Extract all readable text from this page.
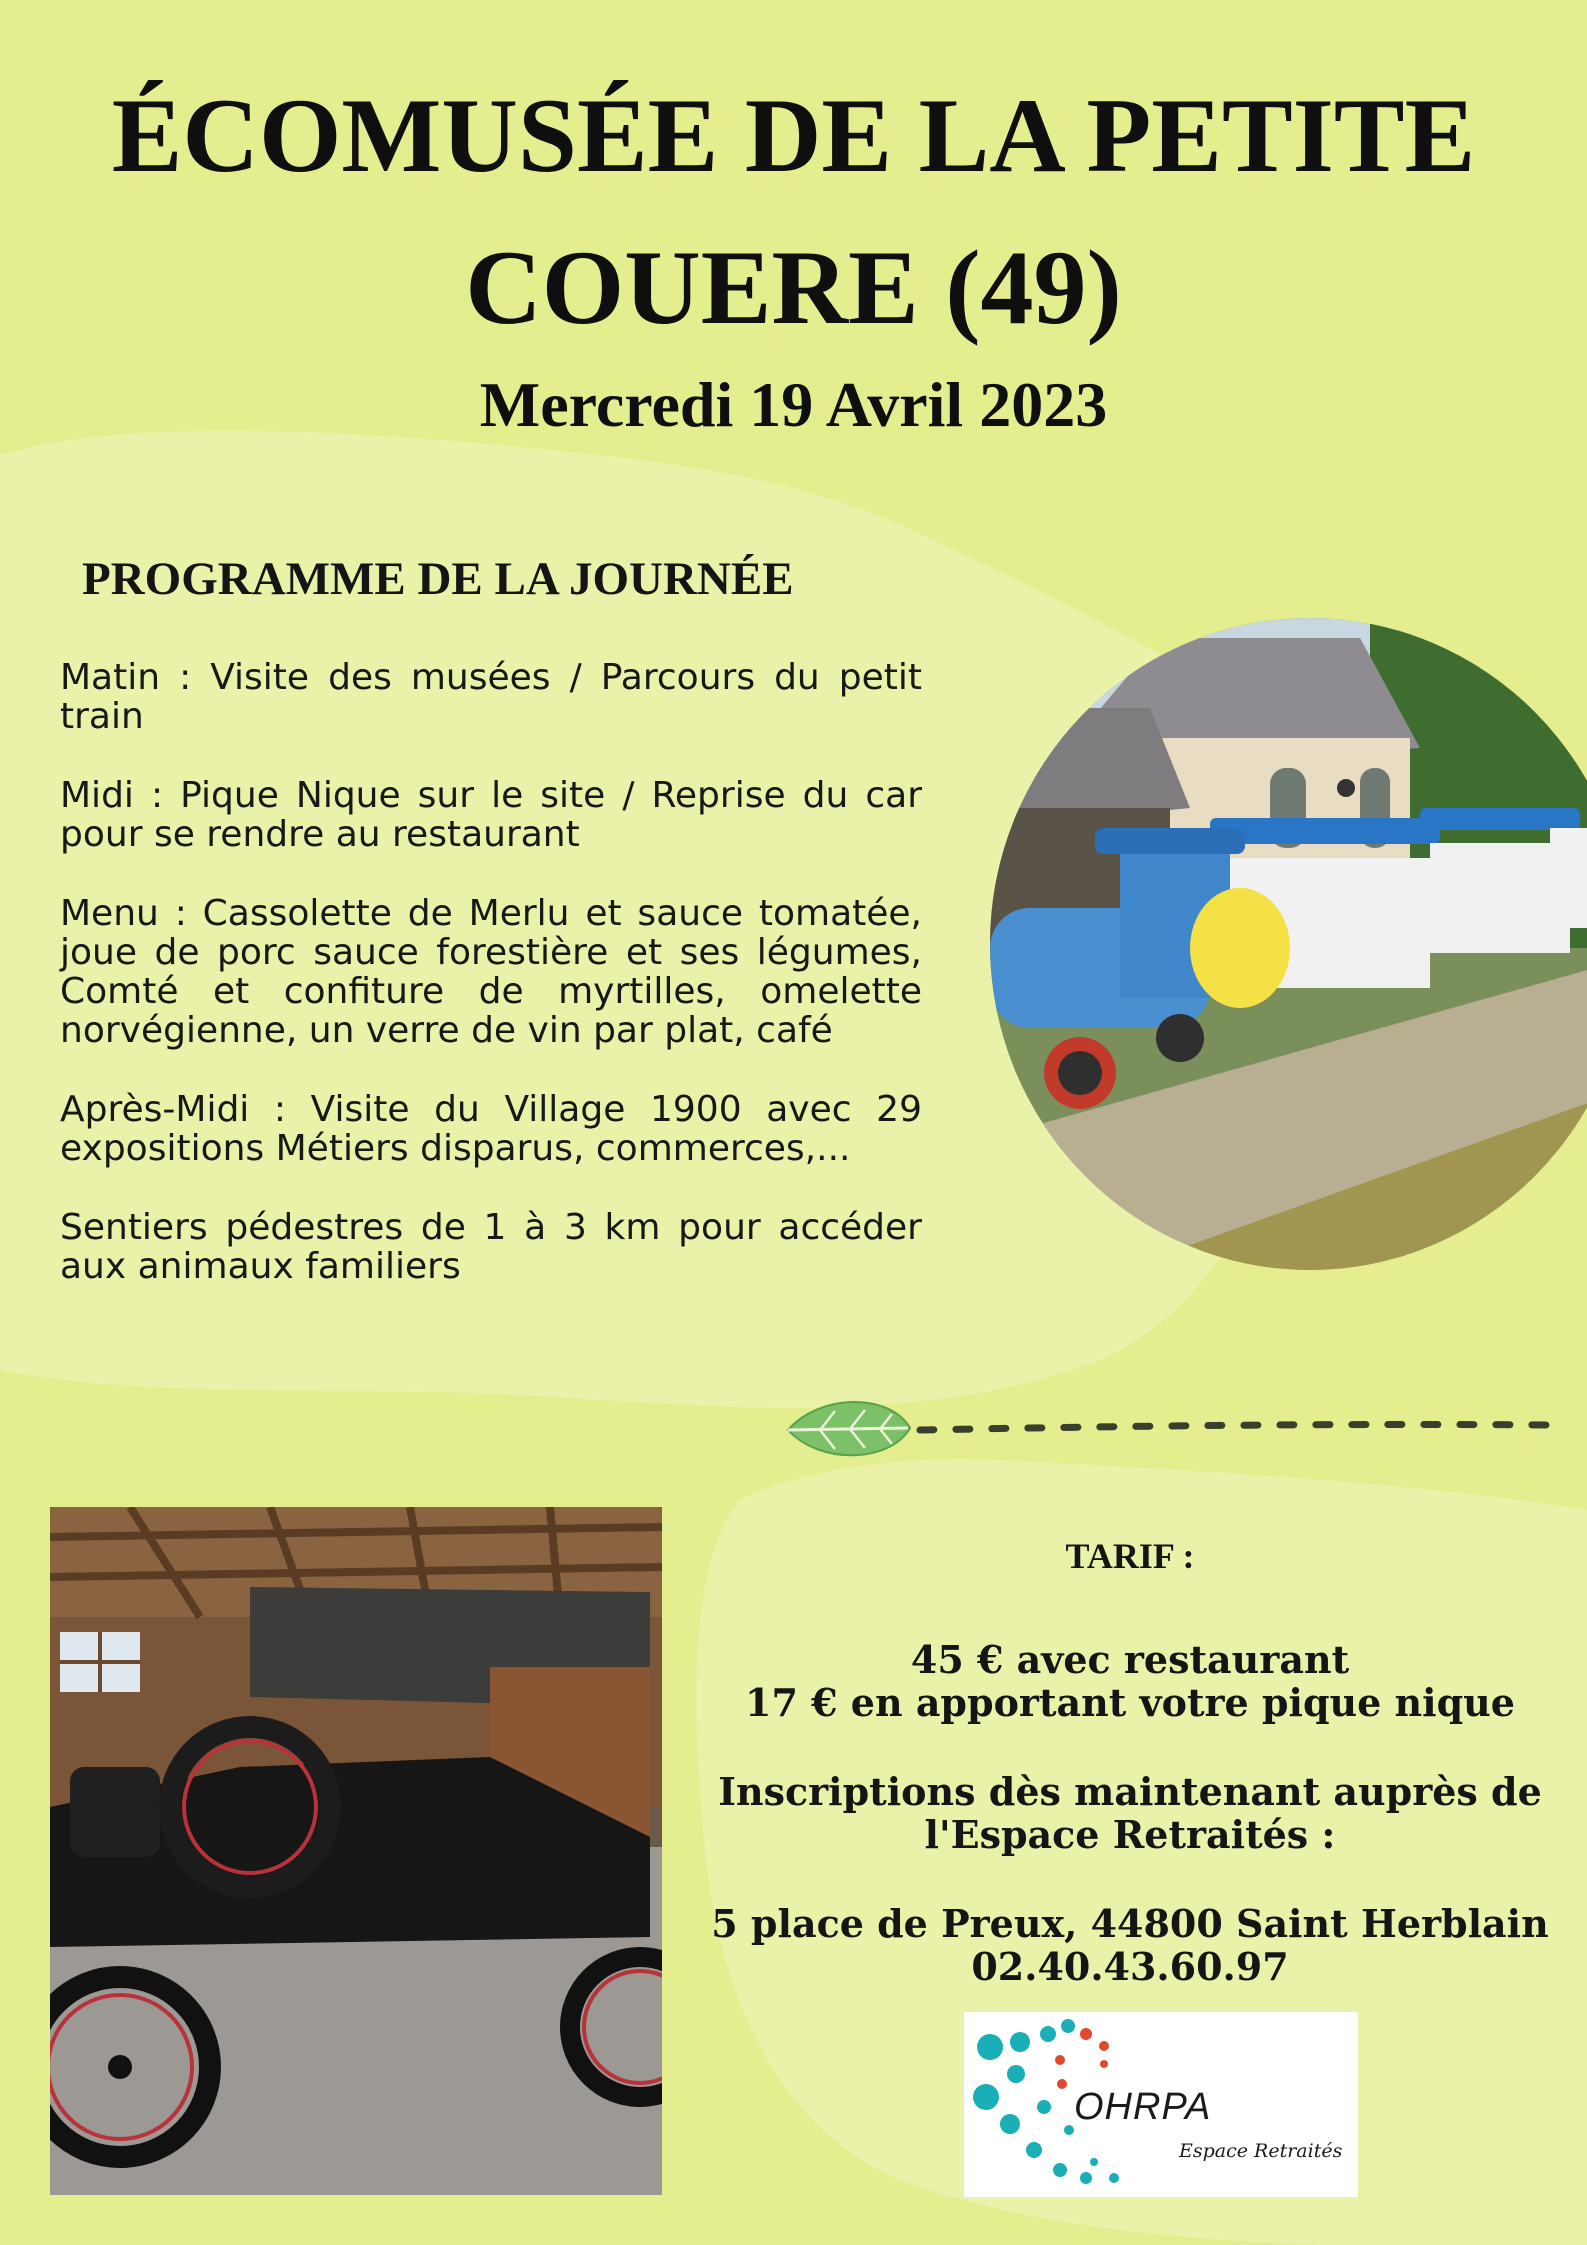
ÉCOMUSÉE DE LA PETITE
COUERE (49)
Mercredi 19 Avril 2023
PROGRAMME DE LA JOURNÉE

Matin : Visite des musées / Parcours du petit train

Midi : Pique Nique sur le site / Reprise du car pour se rendre au restaurant

Menu : Cassolette de Merlu et sauce tomatée, joue de porc sauce forestière et ses légumes, Comté et confiture de myrtilles, omelette norvégienne, un verre de vin par plat, café

Après-Midi : Visite du Village 1900 avec 29 expositions Métiers disparus, commerces,...

Sentiers pédestres de 1 à 3 km pour accéder aux animaux familiers

TARIF :

45 € avec restaurant

17 € en apportant votre pique nique

Inscriptions dès maintenant auprès de

l'Espace Retraités :

5 place de Preux, 44800 Saint Herblain

02.40.43.60.97

OHRPA
Espace Retraités
